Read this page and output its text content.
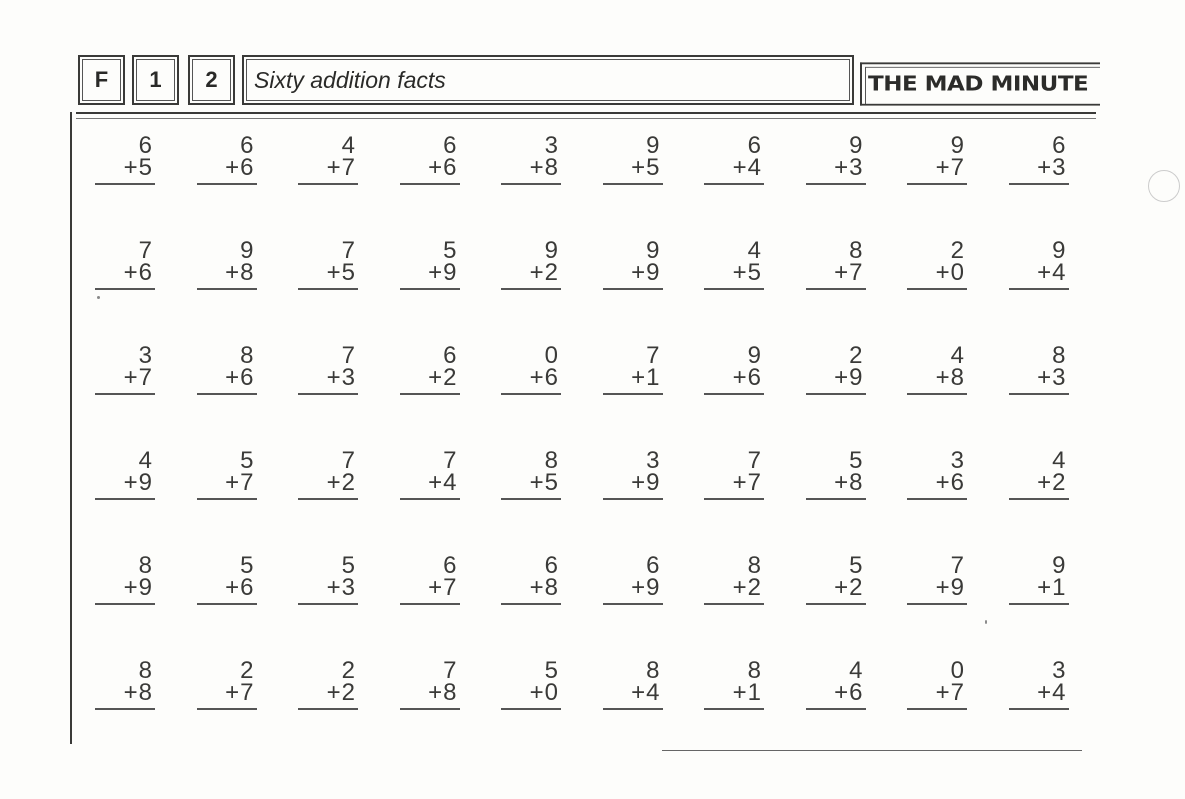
F 1 2 Sixty addition facts	THE MAD MINUTE
6
+5
6
+6
4
+7
6
+6
3
+8
9
+5
6
+4
9
+3
9
+7
6
+3
7
+6
9
+8
7
+5
5
+9
9
+2
9
+9
4
+5
8
+7
2
+0
9
+4
3
+7
8
+6
7
+3
6
+2
0
+6
7
+1
9
+6
2
+9
4
+8
8
+3
4
+9
5
+7
7
+2
7
+4
8
+5
3
+9
7
+7
5
+8
3
+6
4
+2
8
+9
5
+6
5
+3
6
+7
6
+8
6
+9
8
+2
5
+2
7
+9
9
+1
8
+8
2
+7
2
+2
7
+8
5
+0
8
+4
8
+1
4
+6
0
+7
3
+4
